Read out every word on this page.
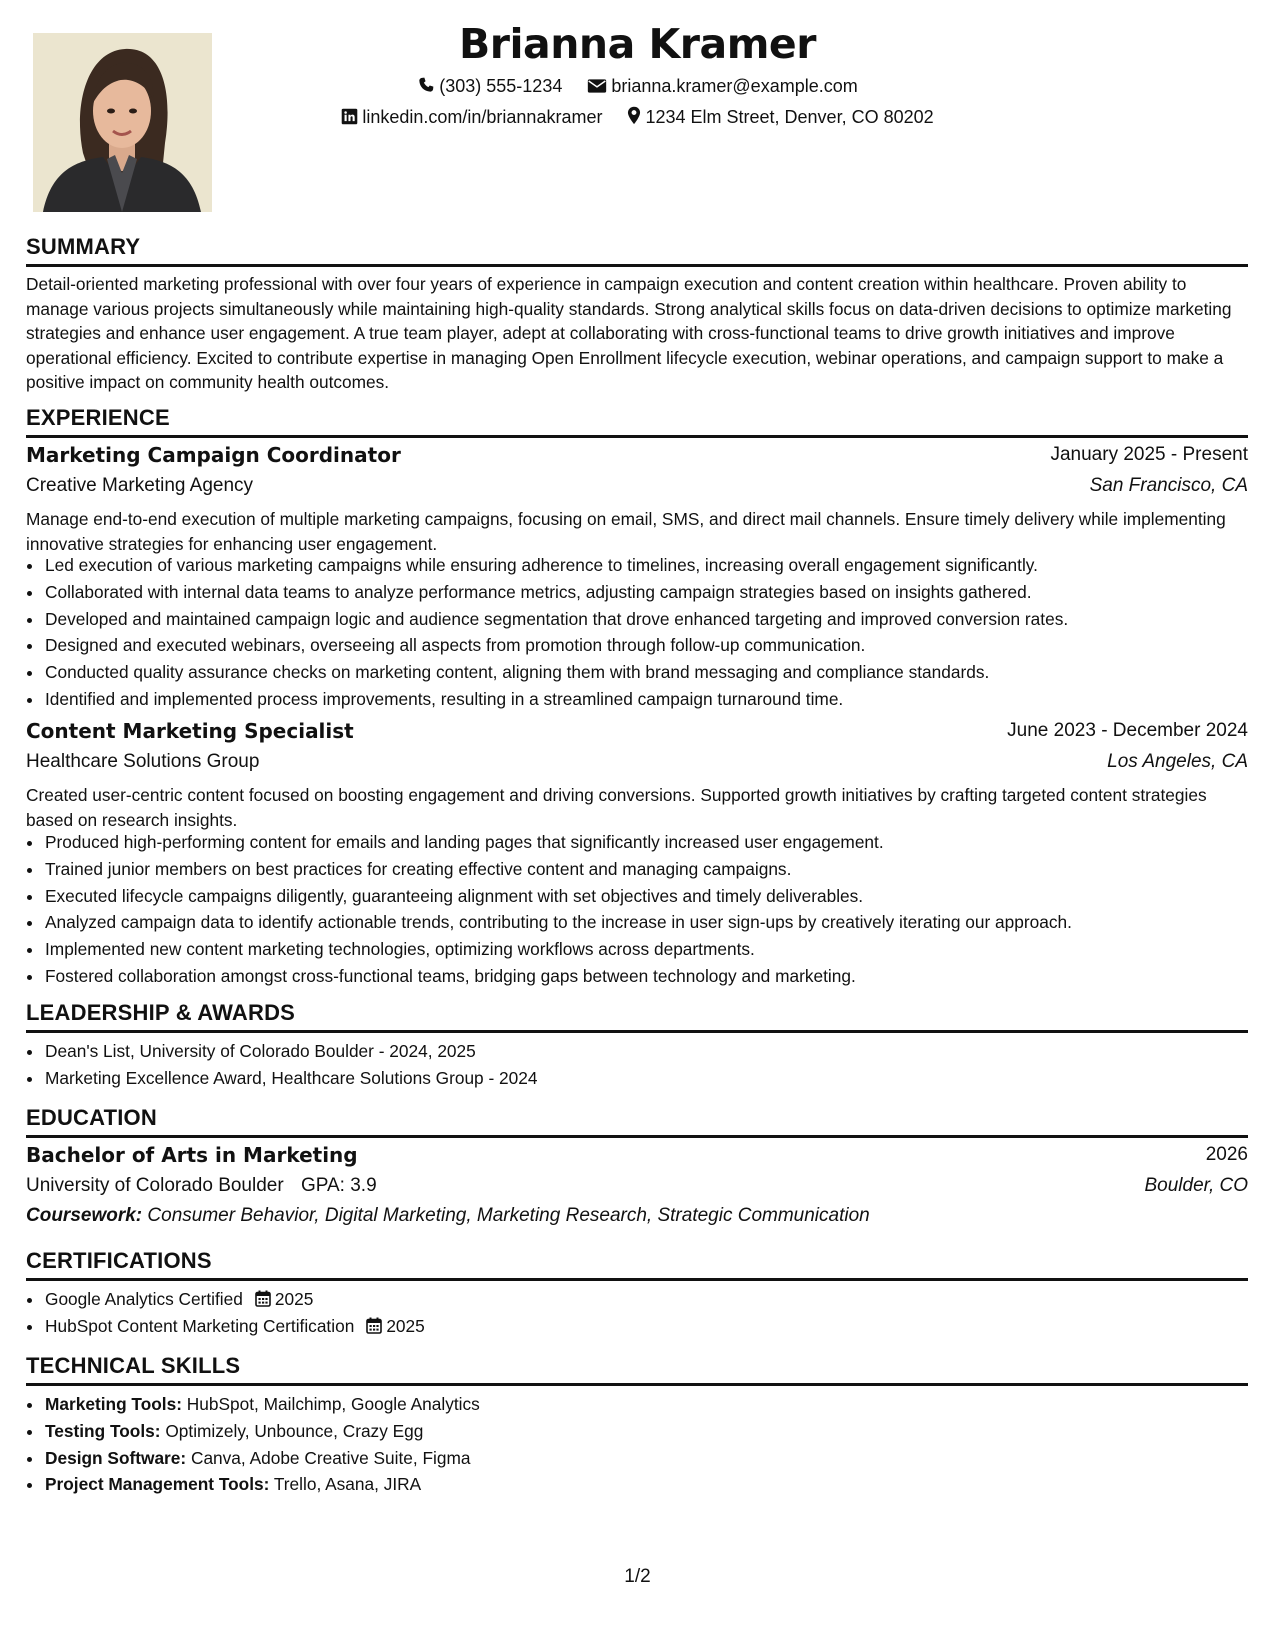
Brianna Kramer
(303) 555-1234	brianna.kramer@example.com
linkedin.com/in/briannakramer 1234 Elm Street, Denver, CO 80202
SUMMARY
Detail-oriented marketing professional with over four years of experience in campaign execution and content creation within healthcare. Proven ability to manage various projects simultaneously while maintaining high-quality standards. Strong analytical skills focus on data-driven decisions to optimize marketing strategies and enhance user engagement. A true team player, adept at collaborating with cross-functional teams to drive growth initiatives and improve operational efficiency. Excited to contribute expertise in managing Open Enrollment lifecycle execution, webinar operations, and campaign support to make a positive impact on community health outcomes.
EXPERIENCE
Marketing Campaign Coordinator	January 2025 - Present
Creative Marketing Agency	San Francisco, CA
Manage end-to-end execution of multiple marketing campaigns, focusing on email, SMS, and direct mail channels. Ensure timely delivery while implementing innovative strategies for enhancing user engagement.
• Led execution of various marketing campaigns while ensuring adherence to timelines, increasing overall engagement significantly.
• Collaborated with internal data teams to analyze performance metrics, adjusting campaign strategies based on insights gathered.
• Developed and maintained campaign logic and audience segmentation that drove enhanced targeting and improved conversion rates.
• Designed and executed webinars, overseeing all aspects from promotion through follow-up communication.
• Conducted quality assurance checks on marketing content, aligning them with brand messaging and compliance standards.
• Identified and implemented process improvements, resulting in a streamlined campaign turnaround time.
Content Marketing Specialist	June 2023 - December 2024
Healthcare Solutions Group	Los Angeles, CA
Created user-centric content focused on boosting engagement and driving conversions. Supported growth initiatives by crafting targeted content strategies based on research insights.
• Produced high-performing content for emails and landing pages that significantly increased user engagement.
• Trained junior members on best practices for creating effective content and managing campaigns.
• Executed lifecycle campaigns diligently, guaranteeing alignment with set objectives and timely deliverables.
• Analyzed campaign data to identify actionable trends, contributing to the increase in user sign-ups by creatively iterating our approach.
• Implemented new content marketing technologies, optimizing workflows across departments.
• Fostered collaboration amongst cross-functional teams, bridging gaps between technology and marketing.
LEADERSHIP & AWARDS
• Dean's List, University of Colorado Boulder - 2024, 2025
• Marketing Excellence Award, Healthcare Solutions Group - 2024
EDUCATION
Bachelor of Arts in Marketing	2026
University of Colorado Boulder GPA: 3.9	Boulder, CO
Coursework: Consumer Behavior, Digital Marketing, Marketing Research, Strategic Communication
CERTIFICATIONS
• Google Analytics Certified 2025
• HubSpot Content Marketing Certification 2025
TECHNICAL SKILLS
• Marketing Tools: HubSpot, Mailchimp, Google Analytics
• Testing Tools: Optimizely, Unbounce, Crazy Egg
• Design Software: Canva, Adobe Creative Suite, Figma
• Project Management Tools: Trello, Asana, JIRA
1/2
